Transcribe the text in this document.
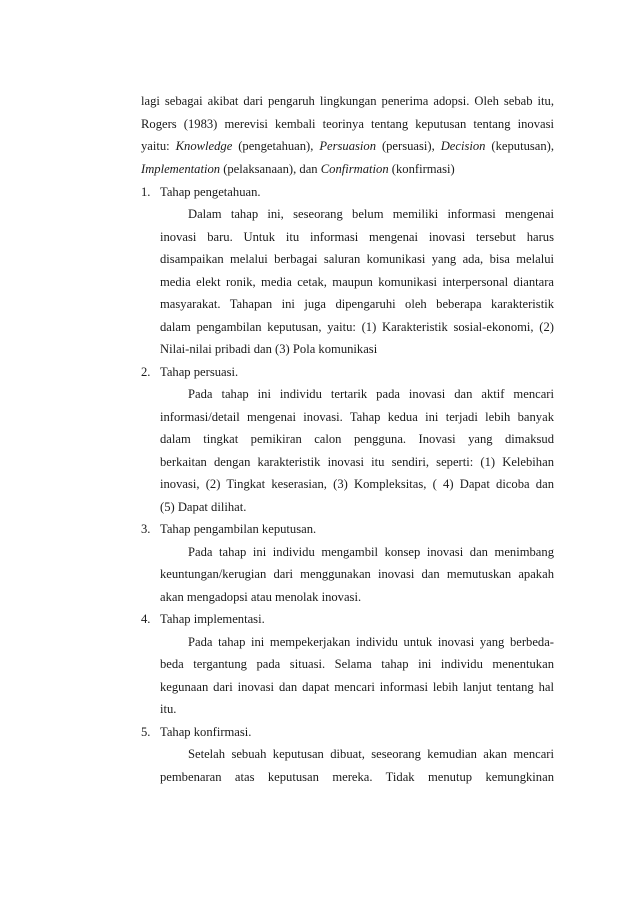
lagi sebagai akibat dari pengaruh lingkungan penerima adopsi. Oleh sebab itu,
Rogers (1983) merevisi kembali teorinya tentang keputusan tentang inovasi
yaitu: Knowledge (pengetahuan), Persuasion (persuasi), Decision (keputusan),
Implementation (pelaksanaan), dan Confirmation (konfirmasi)
1. Tahap pengetahuan.
Dalam tahap ini, seseorang belum memiliki informasi mengenai
inovasi baru. Untuk itu informasi mengenai inovasi tersebut harus
disampaikan melalui berbagai saluran komunikasi yang ada, bisa melalui
media elekt ronik, media cetak, maupun komunikasi interpersonal diantara
masyarakat. Tahapan ini juga dipengaruhi oleh beberapa karakteristik
dalam pengambilan keputusan, yaitu: (1) Karakteristik sosial-ekonomi, (2)
Nilai-nilai pribadi dan (3) Pola komunikasi
2. Tahap persuasi.
Pada tahap ini individu tertarik pada inovasi dan aktif mencari
informasi/detail mengenai inovasi. Tahap kedua ini terjadi lebih banyak
dalam tingkat pemikiran calon pengguna. Inovasi yang dimaksud
berkaitan dengan karakteristik inovasi itu sendiri, seperti: (1) Kelebihan
inovasi, (2) Tingkat keserasian, (3) Kompleksitas, ( 4) Dapat dicoba dan
(5) Dapat dilihat.
3. Tahap pengambilan keputusan.
Pada tahap ini individu mengambil konsep inovasi dan menimbang
keuntungan/kerugian dari menggunakan inovasi dan memutuskan apakah
akan mengadopsi atau menolak inovasi.
4. Tahap implementasi.
Pada tahap ini mempekerjakan individu untuk inovasi yang berbeda-
beda tergantung pada situasi. Selama tahap ini individu menentukan
kegunaan dari inovasi dan dapat mencari informasi lebih lanjut tentang hal
itu.
5. Tahap konfirmasi.
Setelah sebuah keputusan dibuat, seseorang kemudian akan mencari
pembenaran atas keputusan mereka. Tidak menutup kemungkinan
